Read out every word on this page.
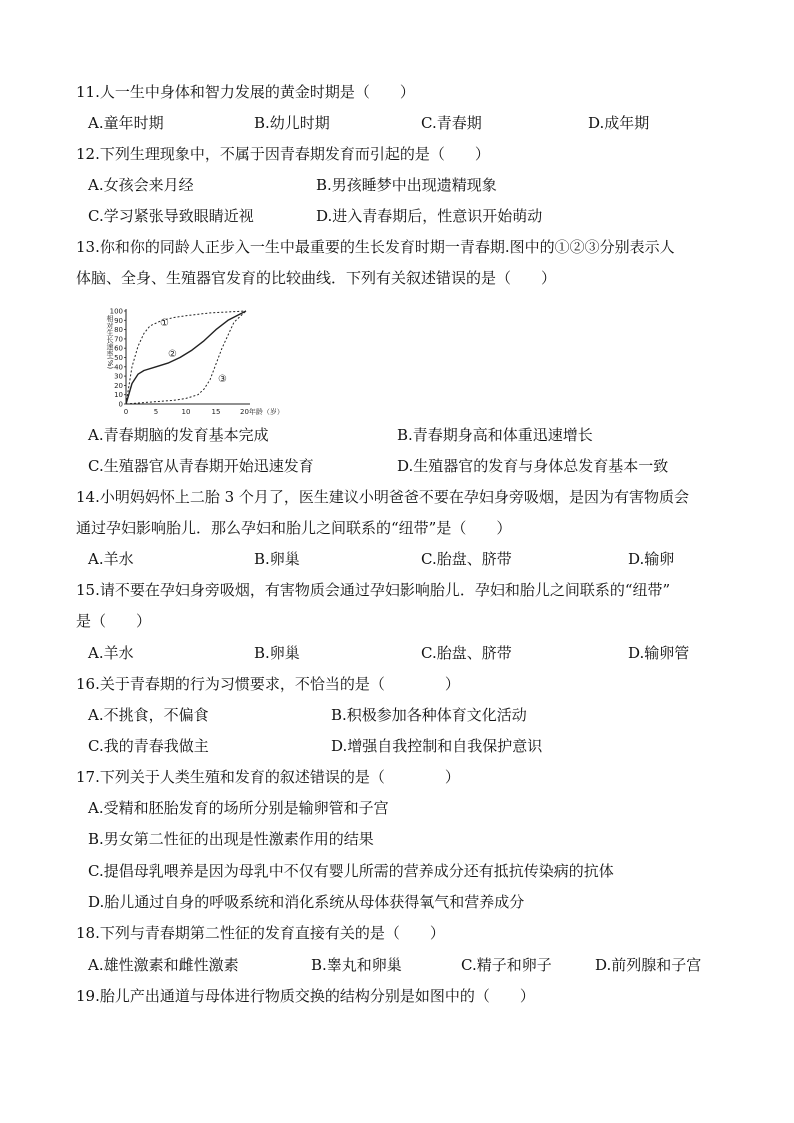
11.人一生中身体和智力发展的黄金时期是（　　）
A.童年时期	B.幼儿时期	C.青春期	D.成年期
12.下列生理现象中，不属于因青春期发育而引起的是（　　）
A.女孩会来月经	B.男孩睡梦中出现遗精现象
C.学习紧张导致眼睛近视	D.进入青春期后，性意识开始萌动
13.你和你的同龄人正步入一生中最重要的生长发育时期一青春期.图中的①②③分别表示人
体脑、全身、生殖器官发育的比较曲线．下列有关叙述错误的是（　　）
0
10
20
30
40
50
60
70
80
90
100
0	5	10	15	20年龄（岁）
相对生长速率(%)	①
②
③
A.青春期脑的发育基本完成	B.青春期身高和体重迅速增长
C.生殖器官从青春期开始迅速发育	D.生殖器官的发育与身体总发育基本一致
14.小明妈妈怀上二胎 3 个月了，医生建议小明爸爸不要在孕妇身旁吸烟，是因为有害物质会
通过孕妇影响胎儿．那么孕妇和胎儿之间联系的“纽带”是（　　）
A.羊水	B.卵巢	C.胎盘、脐带	D.输卵
15.请不要在孕妇身旁吸烟，有害物质会通过孕妇影响胎儿．孕妇和胎儿之间联系的“纽带”
是（　　）
A.羊水	B.卵巢	C.胎盘、脐带	D.输卵管
16.关于青春期的行为习惯要求，不恰当的是（　　　　）
A.不挑食，不偏食	B.积极参加各种体育文化活动
C.我的青春我做主	D.增强自我控制和自我保护意识
17.下列关于人类生殖和发育的叙述错误的是（　　　　）
A.受精和胚胎发育的场所分别是输卵管和子宫
B.男女第二性征的出现是性激素作用的结果
C.提倡母乳喂养是因为母乳中不仅有婴儿所需的营养成分还有抵抗传染病的抗体
D.胎儿通过自身的呼吸系统和消化系统从母体获得氧气和营养成分
18.下列与青春期第二性征的发育直接有关的是（　　）
A.雄性激素和雌性激素	B.睾丸和卵巢	C.精子和卵子	D.前列腺和子宫
19.胎儿产出通道与母体进行物质交换的结构分别是如图中的（　　）
